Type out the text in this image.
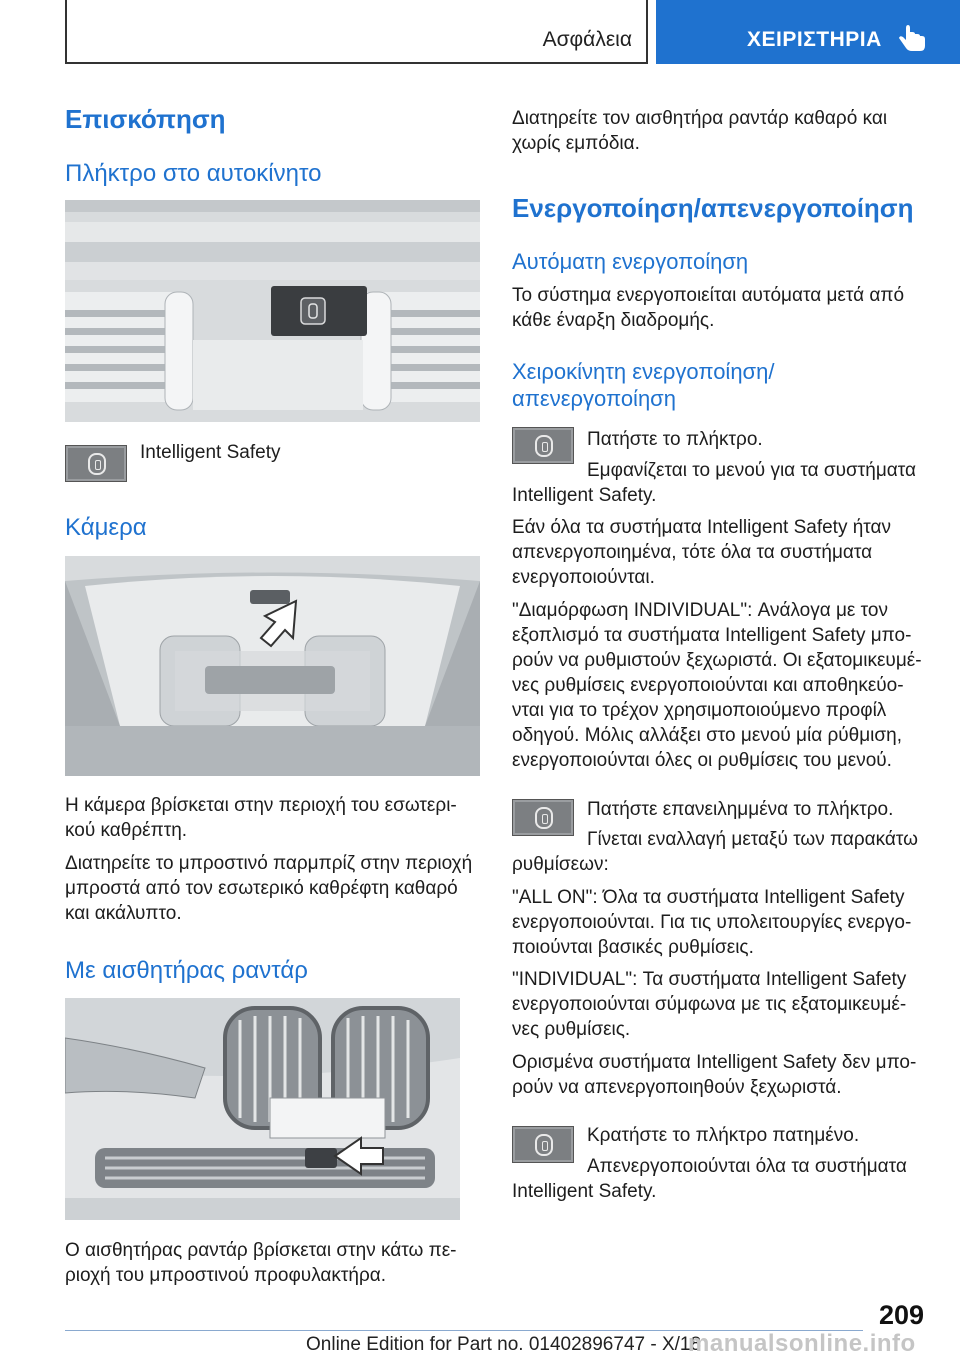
Ασφάλεια	ΧΕΙΡΙΣΤΗΡΙΑ
Επισκόπηση
Πλήκτρο στο αυτοκίνητο

Intelligent Safety

Κάμερα

Η κάμερα βρίσκεται στην περιοχή του εσωτερι-

κού καθρέπτη.

Διατηρείτε το μπροστινό παρμπρίζ στην περιοχή

μπροστά από τον εσωτερικό καθρέφτη καθαρό

και ακάλυπτο.

Με αισθητήρας ραντάρ

Ο αισθητήρας ραντάρ βρίσκεται στην κάτω πε-

ριοχή του μπροστινού προφυλακτήρα.

Διατηρείτε τον αισθητήρα ραντάρ καθαρό και

χωρίς εμπόδια.

Ενεργοποίηση/απενεργοποίηση
Αυτόματη ενεργοποίηση

Το σύστημα ενεργοποιείται αυτόματα μετά από

κάθε έναρξη διαδρομής.

Χειροκίνητη ενεργοποίηση/
απενεργοποίηση

Πατήστε το πλήκτρο.

Εμφανίζεται το μενού για τα συστήματα

Intelligent Safety.

Εάν όλα τα συστήματα Intelligent Safety ήταν

απενεργοποιημένα, τότε όλα τα συστήματα

ενεργοποιούνται.

"Διαμόρφωση INDIVIDUAL": Ανάλογα με τον

εξοπλισμό τα συστήματα Intelligent Safety μπο-

ρούν να ρυθμιστούν ξεχωριστά. Οι εξατομικευμέ-

νες ρυθμίσεις ενεργοποιούνται και αποθηκεύο-

νται για το τρέχον χρησιμοποιούμενο προφίλ

οδηγού. Μόλις αλλάξει στο μενού μία ρύθμιση,

ενεργοποιούνται όλες οι ρυθμίσεις του μενού.

Πατήστε επανειλημμένα το πλήκτρο.

Γίνεται εναλλαγή μεταξύ των παρακάτω

ρυθμίσεων:

"ALL ON": Όλα τα συστήματα Intelligent Safety

ενεργοποιούνται. Για τις υπολειτουργίες ενεργο-

ποιούνται βασικές ρυθμίσεις.

"INDIVIDUAL": Τα συστήματα Intelligent Safety

ενεργοποιούνται σύμφωνα με τις εξατομικευμέ-

νες ρυθμίσεις.

Ορισμένα συστήματα Intelligent Safety δεν μπο-

ρούν να απενεργοποιηθούν ξεχωριστά.

Κρατήστε το πλήκτρο πατημένο.

Απενεργοποιούνται όλα τα συστήματα

Intelligent Safety.

209
Online Edition for Part no. 01402896747 - X/18
manualsonline.info
